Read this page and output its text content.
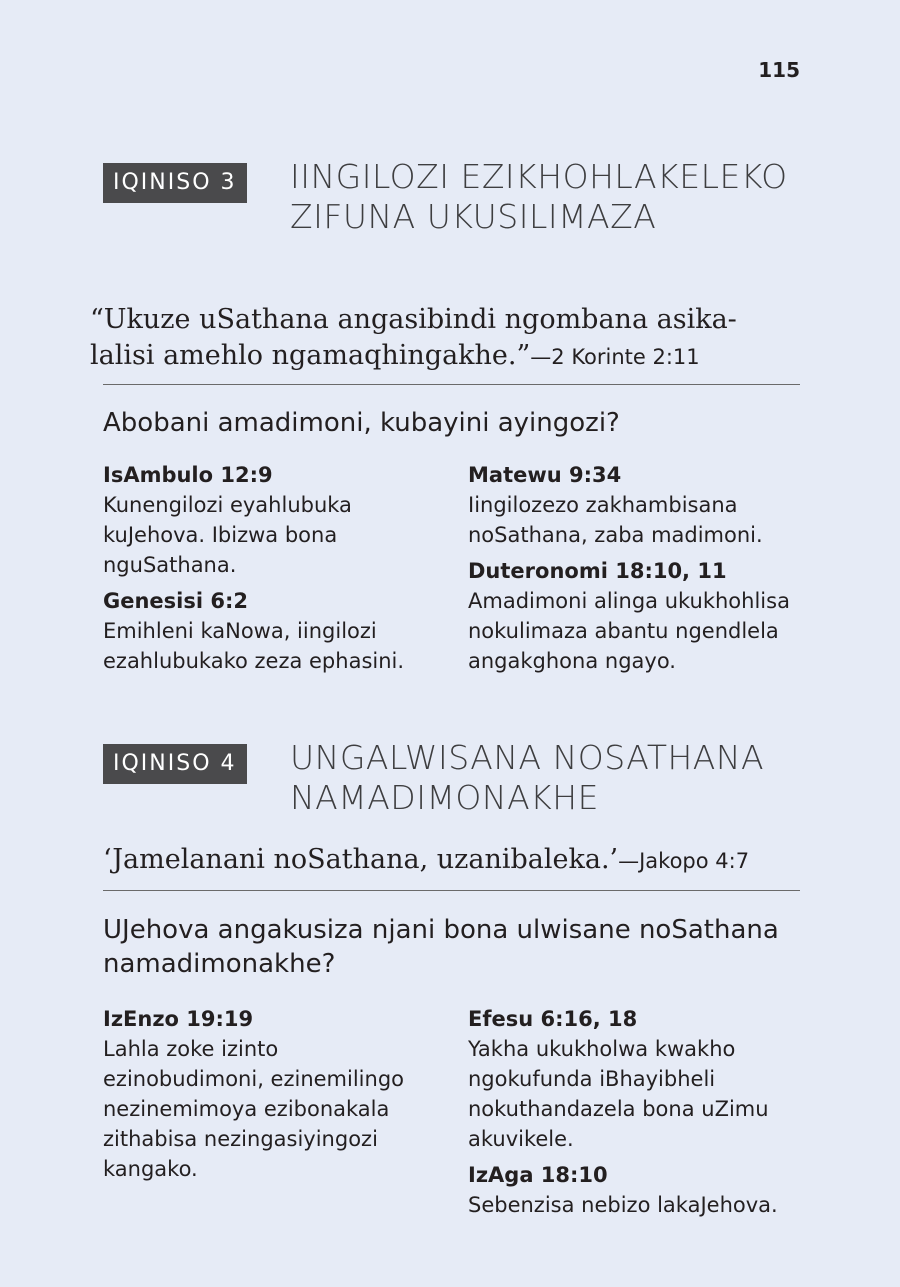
115
IQINISO 3	IINGILOZI EZIKHOHLAKELEKO ZIFUNA UKUSILIMAZA
“Ukuze uSathana angasibindi ngombana asika-lalisi amehlo ngamaqhingakhe.”—2 Korinte 2:11
Abobani amadimoni, kubayini ayingozi?
IsAmbulo 12:9
Kunengilozi eyahlubuka kuJehova. Ibizwa bona nguSathana.
Genesisi 6:2
Emihleni kaNowa, iingilozi ezahlubukako zeza ephasini.
Matewu 9:34
Iingilozezo zakhambisana noSathana, zaba madimoni.
Duteronomi 18:10, 11
Amadimoni alinga ukukhohlisa nokulimaza abantu ngendlela angakghona ngayo.
IQINISO 4	UNGALWISANA NOSATHANA NAMADIMONAKHE
‘Jamelanani noSathana, uzanibaleka.’—Jakopo 4:7
UJehova angakusiza njani bona ulwisane noSathana namadimonakhe?
IzEnzo 19:19
Lahla zoke izinto ezinobudimoni, ezinemilingo nezinemimoya ezibonakala zithabisa nezingasiyingozi kangako.
Efesu 6:16, 18
Yakha ukukholwa kwakho ngokufunda iBhayibheli nokuthandazela bona uZimu akuvikele.
IzAga 18:10
Sebenzisa nebizo lakaJehova.
